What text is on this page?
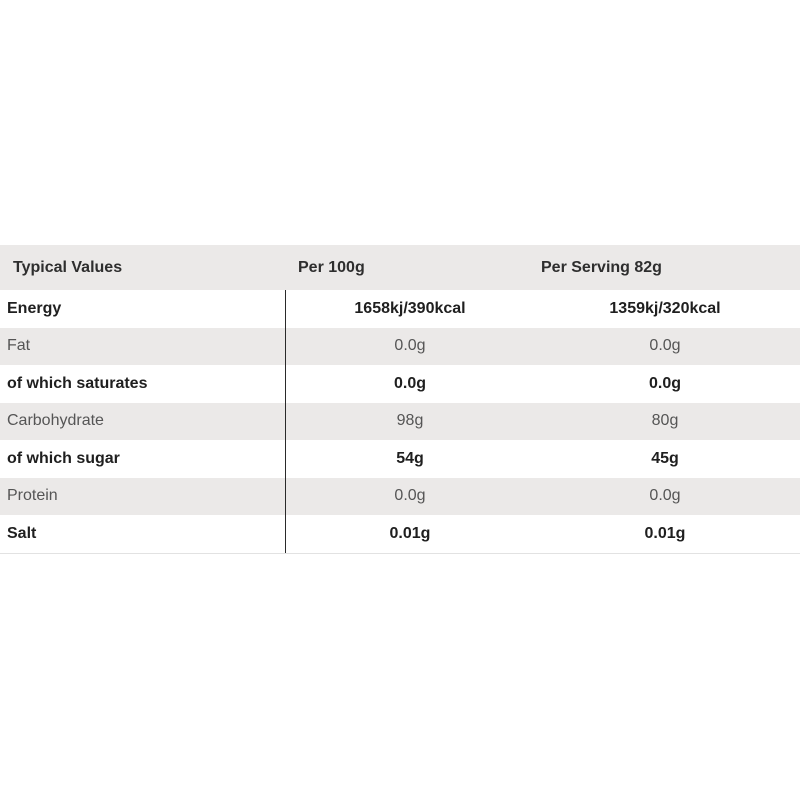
Typical Values	Per 100g	Per Serving 82g
Energy	1658kj/390kcal	1359kj/320kcal
Fat	0.0g	0.0g
of which saturates	0.0g	0.0g
Carbohydrate	98g	80g
of which sugar	54g	45g
Protein	0.0g	0.0g
Salt	0.01g	0.01g
